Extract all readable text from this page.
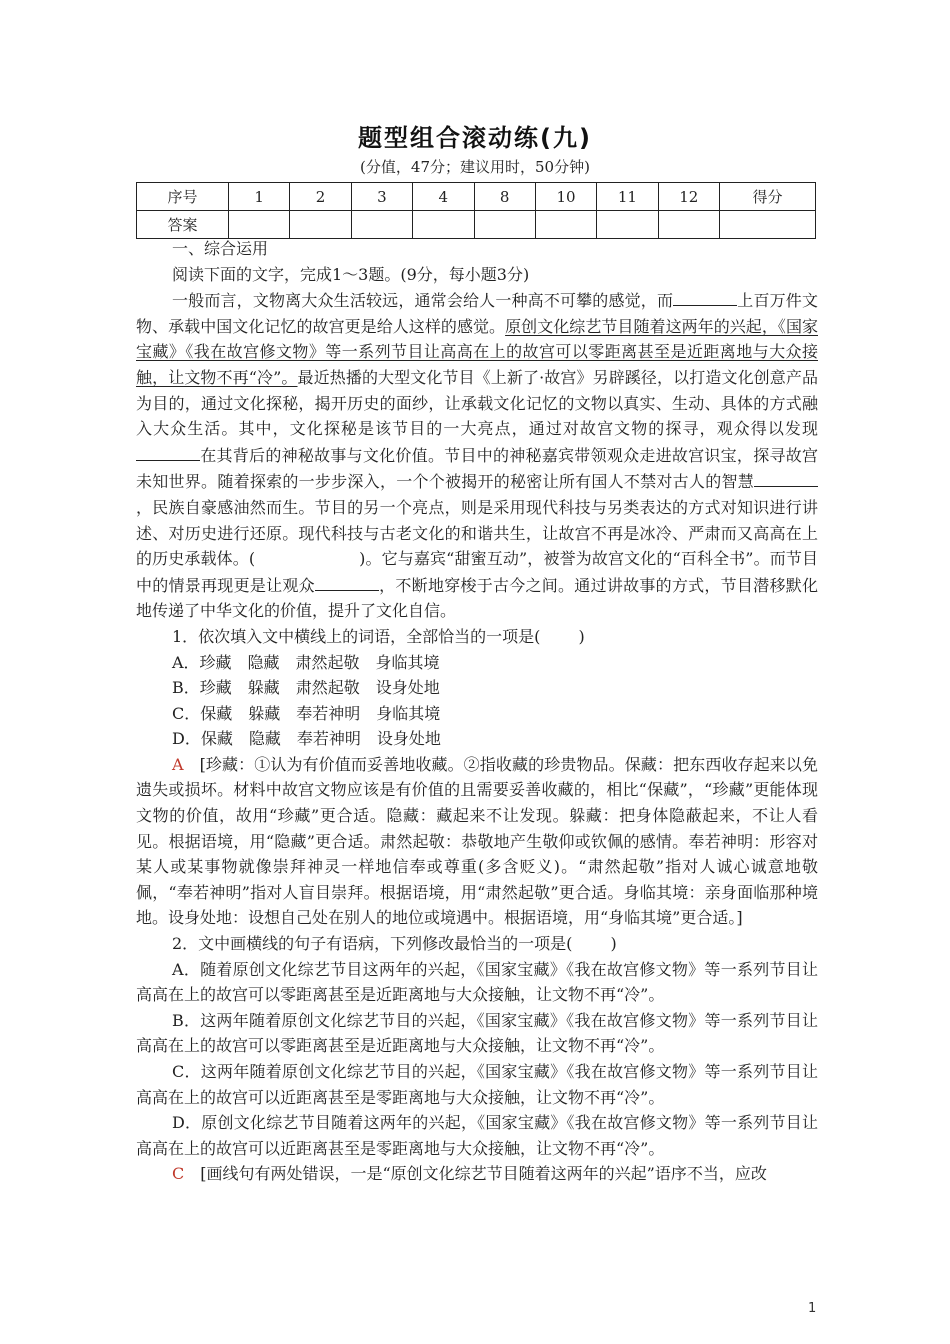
题型组合滚动练(九)
(分值，47分；建议用时，50分钟)
序号	1	2	3	4	8	10	11	12	得分
答案									

一、综合运用

阅读下面的文字，完成1～3题。(9分，每小题3分)

一般而言，文物离大众生活较远，通常会给人一种高不可攀的感觉，而	上百万件文物、承载中国文化记忆的故宫更是给人这样的感觉。原创文化综艺节目随着这两年的兴起，《国家宝藏》《我在故宫修文物》等一系列节目让高高在上的故宫可以零距离甚至是近距离地与大众接触，让文物不再“冷”。最近热播的大型文化节目《上新了·故宫》另辟蹊径，以打造文化创意产品为目的，通过文化探秘，揭开历史的面纱，让承载文化记忆的文物以真实、生动、具体的方式融入大众生活。其中，文化探秘是该节目的一大亮点，通过对故宫文物的探寻，观众得以发现在其背后的神秘故事与文化价值。节目中的神秘嘉宾带领观众走进故宫识宝，探寻故宫未知世界。随着探索的一步步深入，一个个被揭开的秘密让所有国人不禁对古人的智慧，民族自豪感油然而生。节目的另一个亮点，则是采用现代科技与另类表达的方式对知识进行讲述、对历史进行还原。现代科技与古老文化的和谐共生，让故宫不再是冰冷、严肃而又高高在上的历史承载体。(	)。它与嘉宾“甜蜜互动”，被誉为故宫文化的“百科全书”。而节目中的情景再现更是让观众	，不断地穿梭于古今之间。通过讲故事的方式，节目潜移默化地传递了中华文化的价值，提升了文化自信。

1．依次填入文中横线上的词语，全部恰当的一项是( )

A．珍藏　隐藏　肃然起敬　身临其境

B．珍藏　躲藏　肃然起敬　设身处地

C．保藏　躲藏　奉若神明　身临其境

D．保藏　隐藏　奉若神明　设身处地

A [珍藏：①认为有价值而妥善地收藏。②指收藏的珍贵物品。保藏：把东西收存起来以免遗失或损坏。材料中故宫文物应该是有价值的且需要妥善收藏的，相比“保藏”，“珍藏”更能体现文物的价值，故用“珍藏”更合适。隐藏：藏起来不让发现。躲藏：把身体隐蔽起来，不让人看见。根据语境，用“隐藏”更合适。肃然起敬：恭敬地产生敬仰或钦佩的感情。奉若神明：形容对某人或某事物就像崇拜神灵一样地信奉或尊重(多含贬义)。“肃然起敬”指对人诚心诚意地敬佩，“奉若神明”指对人盲目崇拜。根据语境，用“肃然起敬”更合适。身临其境：亲身面临那种境地。设身处地：设想自己处在别人的地位或境遇中。根据语境，用“身临其境”更合适。]

2．文中画横线的句子有语病，下列修改最恰当的一项是( )

A．随着原创文化综艺节目这两年的兴起，《国家宝藏》《我在故宫修文物》等一系列节目让高高在上的故宫可以零距离甚至是近距离地与大众接触，让文物不再“冷”。

B．这两年随着原创文化综艺节目的兴起，《国家宝藏》《我在故宫修文物》等一系列节目让高高在上的故宫可以零距离甚至是近距离地与大众接触，让文物不再“冷”。

C．这两年随着原创文化综艺节目的兴起，《国家宝藏》《我在故宫修文物》等一系列节目让高高在上的故宫可以近距离甚至是零距离地与大众接触，让文物不再“冷”。

D．原创文化综艺节目随着这两年的兴起，《国家宝藏》《我在故宫修文物》等一系列节目让高高在上的故宫可以近距离甚至是零距离地与大众接触，让文物不再“冷”。

C [画线句有两处错误，一是“原创文化综艺节目随着这两年的兴起”语序不当，应改

1
